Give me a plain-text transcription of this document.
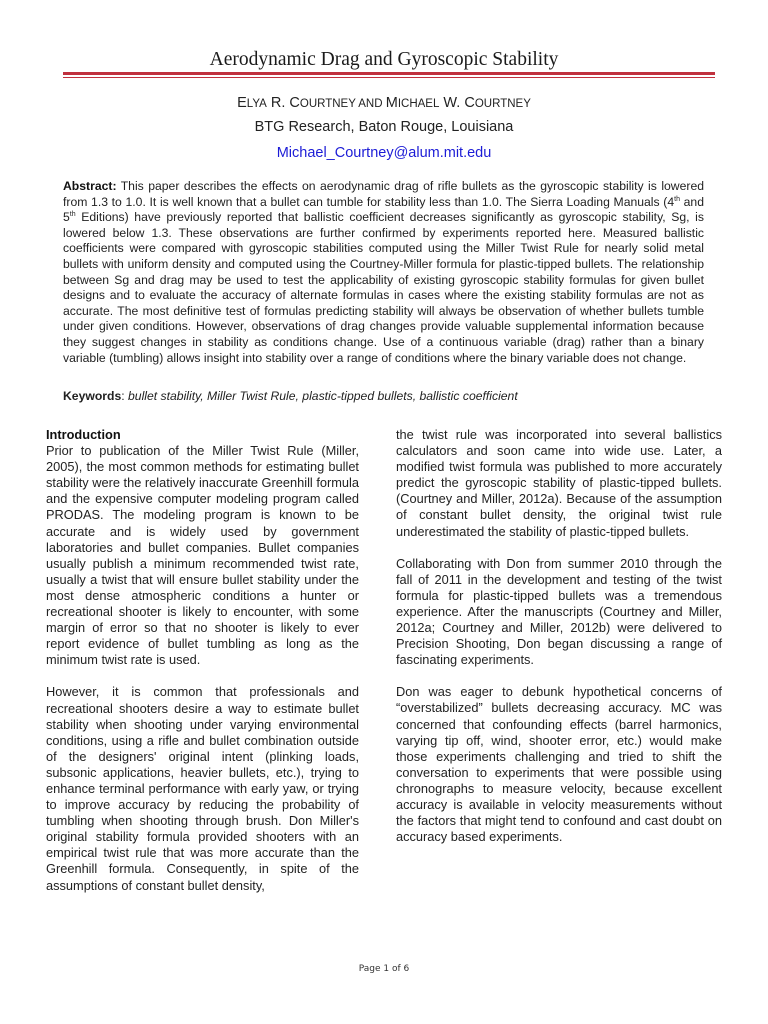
Aerodynamic Drag and Gyroscopic Stability
ELYA R. COURTNEY AND MICHAEL W. COURTNEY
BTG Research, Baton Rouge, Louisiana
Michael_Courtney@alum.mit.edu
Abstract: This paper describes the effects on aerodynamic drag of rifle bullets as the gyroscopic stability is lowered from 1.3 to 1.0. It is well known that a bullet can tumble for stability less than 1.0. The Sierra Loading Manuals (4th and 5th Editions) have previously reported that ballistic coefficient decreases significantly as gyroscopic stability, Sg, is lowered below 1.3. These observations are further confirmed by experiments reported here. Measured ballistic coefficients were compared with gyroscopic stabilities computed using the Miller Twist Rule for nearly solid metal bullets with uniform density and computed using the Courtney-Miller formula for plastic-tipped bullets. The relationship between Sg and drag may be used to test the applicability of existing gyroscopic stability formulas for given bullet designs and to evaluate the accuracy of alternate formulas in cases where the existing stability formulas are not as accurate. The most definitive test of formulas predicting stability will always be observation of whether bullets tumble under given conditions. However, observations of drag changes provide valuable supplemental information because they suggest changes in stability as conditions change. Use of a continuous variable (drag) rather than a binary variable (tumbling) allows insight into stability over a range of conditions where the binary variable does not change.
Keywords: bullet stability, Miller Twist Rule, plastic-tipped bullets, ballistic coefficient
Introduction

Prior to publication of the Miller Twist Rule (Miller, 2005), the most common methods for estimating bullet stability were the relatively inaccurate Greenhill formula and the expensive computer modeling program called PRODAS. The modeling program is known to be accurate and is widely used by government laboratories and bullet companies. Bullet companies usually publish a minimum recommended twist rate, usually a twist that will ensure bullet stability under the most dense atmospheric conditions a hunter or recreational shooter is likely to encounter, with some margin of error so that no shooter is likely to ever report evidence of bullet tumbling as long as the minimum twist rate is used.

However, it is common that professionals and recreational shooters desire a way to estimate bullet stability when shooting under varying environmental conditions, using a rifle and bullet combination outside of the designers' original intent (plinking loads, subsonic applications, heavier bullets, etc.), trying to enhance terminal performance with early yaw, or trying to improve accuracy by reducing the probability of tumbling when shooting through brush. Don Miller's original stability formula provided shooters with an empirical twist rule that was more accurate than the Greenhill formula. Consequently, in spite of the assumptions of constant bullet density,

the twist rule was incorporated into several ballistics calculators and soon came into wide use. Later, a modified twist formula was published to more accurately predict the gyroscopic stability of plastic-tipped bullets. (Courtney and Miller, 2012a). Because of the assumption of constant bullet density, the original twist rule underestimated the stability of plastic-tipped bullets.

Collaborating with Don from summer 2010 through the fall of 2011 in the development and testing of the twist formula for plastic-tipped bullets was a tremendous experience. After the manuscripts (Courtney and Miller, 2012a; Courtney and Miller, 2012b) were delivered to Precision Shooting, Don began discussing a range of fascinating experiments.

Don was eager to debunk hypothetical concerns of “overstabilized” bullets decreasing accuracy. MC was concerned that confounding effects (barrel harmonics, varying tip off, wind, shooter error, etc.) would make those experiments challenging and tried to shift the conversation to experiments that were possible using chronographs to measure velocity, because excellent accuracy is available in velocity measurements without the factors that might tend to confound and cast doubt on accuracy based experiments.

Page 1 of 6
